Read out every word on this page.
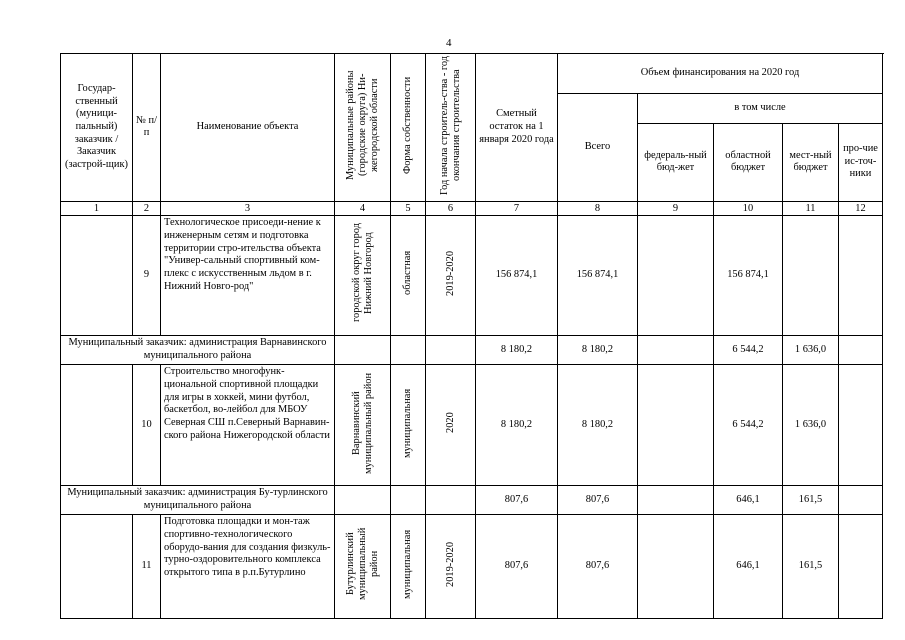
4
Государ-ственный (муници-пальный) заказчик / Заказчик (застрой-щик)	№ п/п	Наименование объекта	Муниципальные районы (городские округа) Ни-жегородской области	Форма собственности	Год начала строитель-ства - год окончания строительства	Сметный остаток на 1 января 2020 года	Объем финансирования на 2020 год				
							Всего	в том числе			
								федераль-ный бюд-жет	областной бюджет	мест-ный бюджет	про-чие ис-точ-ники
1	2	3	4	5	6	7	8	9	10	11	12
	9	Технологическое присоеди-нение к инженерным сетям и подготовка территории стро-ительства объекта "Универ-сальный спортивный ком-плекс с искусственным льдом в г. Нижний Новго-род"	городской округ город Нижний Новгород	областная	2019-2020	156 874,1	156 874,1		156 874,1		
Муниципальный заказчик: администрация Варнавинского муниципального района						8 180,2	8 180,2		6 544,2	1 636,0	
	10	Строительство многофунк-циональной спортивной площадки для игры в хоккей, мини футбол, баскетбол, во-лейбол для МБОУ Северная СШ п.Северный Варнавин-ского района Нижегородской области	Варнавинский муниципальный район	муниципальная	2020	8 180,2	8 180,2		6 544,2	1 636,0	
Муниципальный заказчик: администрация Бу-турлинского муниципального района						807,6	807,6		646,1	161,5	
	11	Подготовка площадки и мон-таж спортивно-технологического оборудо-вания для создания физкуль-турно-оздоровительного комплекса открытого типа в р.п.Бутурлино	Бутурлинский муниципальный район	муниципальная	2019-2020	807,6	807,6		646,1	161,5	
